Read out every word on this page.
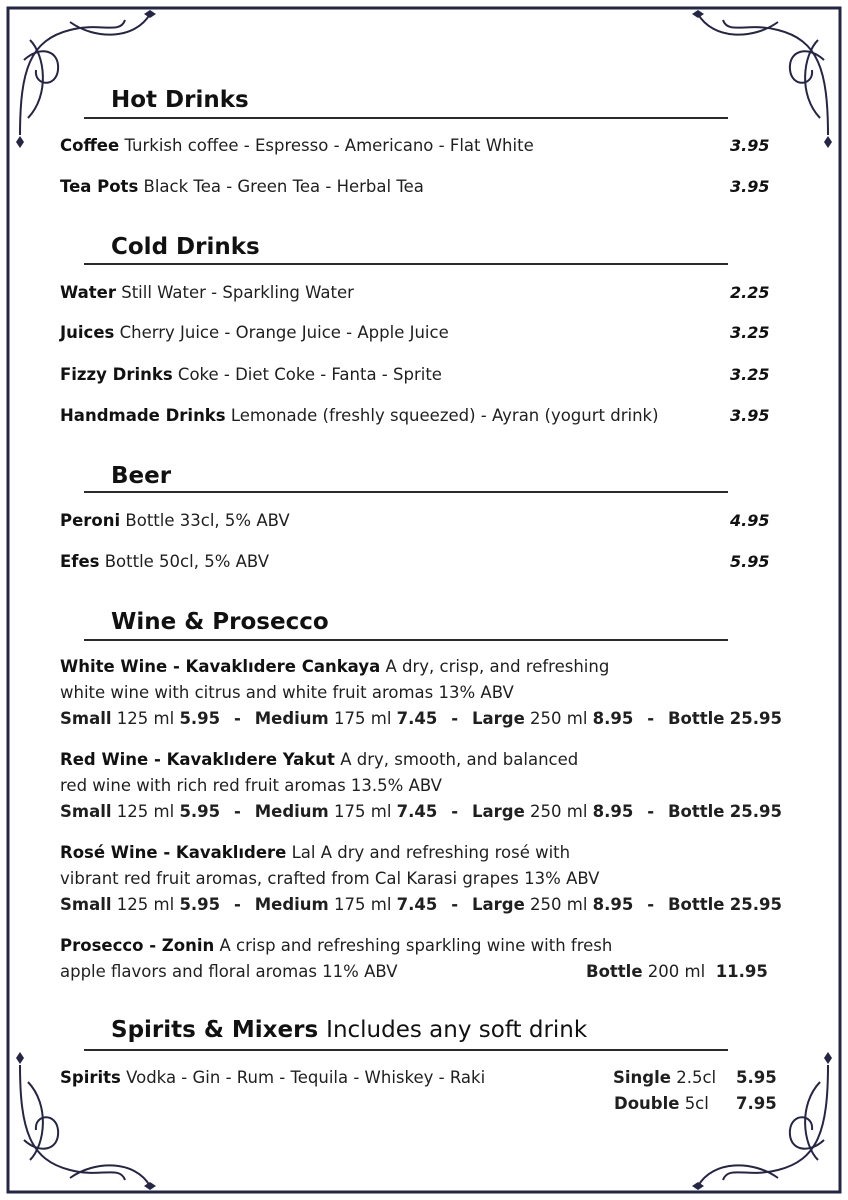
Hot Drinks
Coffee Turkish coffee - Espresso - Americano - Flat White	3.95
Tea Pots Black Tea - Green Tea - Herbal Tea	3.95
Cold Drinks
Water Still Water - Sparkling Water	2.25
Juices Cherry Juice - Orange Juice - Apple Juice	3.25
Fizzy Drinks Coke - Diet Coke - Fanta - Sprite	3.25
Handmade Drinks Lemonade (freshly squeezed) - Ayran (yogurt drink)	3.95
Beer
Peroni Bottle 33cl, 5% ABV	4.95
Efes Bottle 50cl, 5% ABV	5.95
Wine & Prosecco
White Wine - Kavaklıdere Cankaya A dry, crisp, and refreshing
white wine with citrus and white fruit aromas 13% ABV
Small 125 ml 5.95 - Medium 175 ml 7.45 - Large 250 ml 8.95 - Bottle 25.95
Red Wine - Kavaklıdere Yakut A dry, smooth, and balanced
red wine with rich red fruit aromas 13.5% ABV
Small 125 ml 5.95 - Medium 175 ml 7.45 - Large 250 ml 8.95 - Bottle 25.95
Rosé Wine - Kavaklıdere Lal A dry and refreshing rosé with
vibrant red fruit aromas, crafted from Cal Karasi grapes 13% ABV
Small 125 ml 5.95 - Medium 175 ml 7.45 - Large 250 ml 8.95 - Bottle 25.95
Prosecco - Zonin A crisp and refreshing sparkling wine with fresh
apple flavors and floral aromas 11% ABV	Bottle 200 ml 11.95
Spirits & Mixers Includes any soft drink
Spirits Vodka - Gin - Rum - Tequila - Whiskey - Raki	Single 2.5cl 5.95
Double 5cl 7.95
